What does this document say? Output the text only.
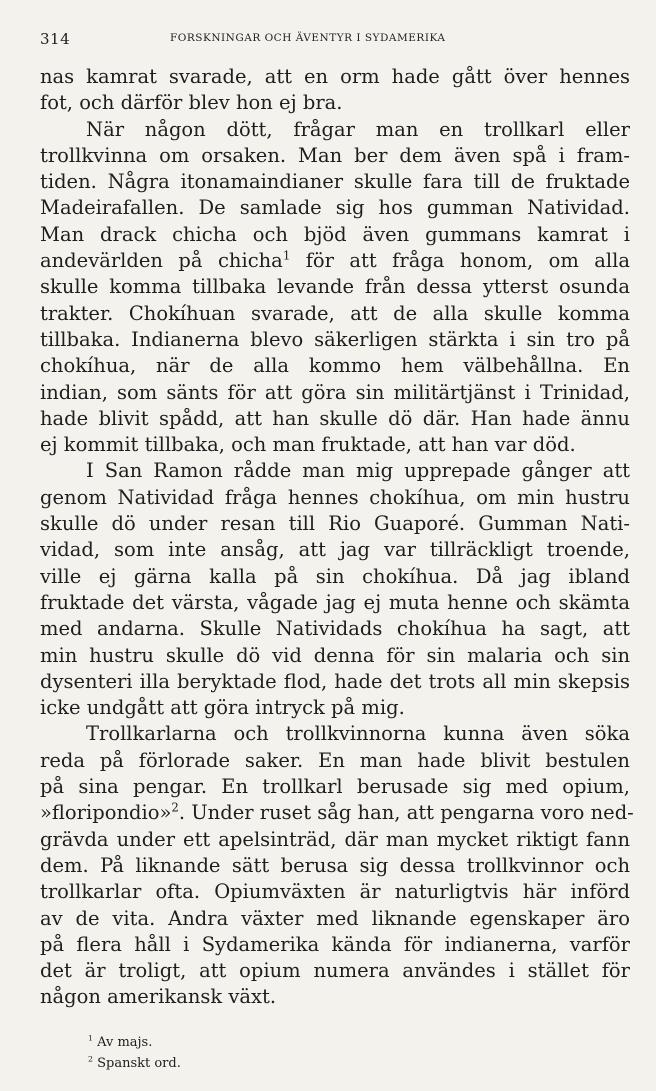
314	FORSKNINGAR OCH ÄVENTYR I SYDAMERIKA
nas kamrat svarade, att en orm hade gått över hennes
fot, och därför blev hon ej bra.
När någon dött, frågar man en trollkarl eller
trollkvinna om orsaken. Man ber dem även spå i fram-
tiden. Några itonamaindianer skulle fara till de fruktade
Madeirafallen. De samlade sig hos gumman Natividad.
Man drack chicha och bjöd även gummans kamrat i
andevärlden på chicha$^1$ för att fråga honom, om alla
skulle komma tillbaka levande från dessa ytterst osunda
trakter. Chokíhuan svarade, att de alla skulle komma
tillbaka. Indianerna blevo säkerligen stärkta i sin tro på
chokíhua, när de alla kommo hem välbehållna. En
indian, som sänts för att göra sin militärtjänst i Trinidad,
hade blivit spådd, att han skulle dö där. Han hade ännu
ej kommit tillbaka, och man fruktade, att han var död.
I San Ramon rådde man mig upprepade gånger att
genom Natividad fråga hennes chokíhua, om min hustru
skulle dö under resan till Rio Guaporé. Gumman Nati-
vidad, som inte ansåg, att jag var tillräckligt troende,
ville ej gärna kalla på sin chokíhua. Då jag ibland
fruktade det värsta, vågade jag ej muta henne och skämta
med andarna. Skulle Natividads chokíhua ha sagt, att
min hustru skulle dö vid denna för sin malaria och sin
dysenteri illa beryktade flod, hade det trots all min skepsis
icke undgått att göra intryck på mig.
Trollkarlarna och trollkvinnorna kunna även söka
reda på förlorade saker. En man hade blivit bestulen
på sina pengar. En trollkarl berusade sig med opium,
»floripondio»$^2$. Under ruset såg han, att pengarna voro ned-
grävda under ett apelsinträd, där man mycket riktigt fann
dem. På liknande sätt berusa sig dessa trollkvinnor och
trollkarlar ofta. Opiumväxten är naturligtvis här införd
av de vita. Andra växter med liknande egenskaper äro
på flera håll i Sydamerika kända för indianerna, varför
det är troligt, att opium numera användes i stället för
någon amerikansk växt.
$^1$ Av majs.
$^2$ Spanskt ord.
